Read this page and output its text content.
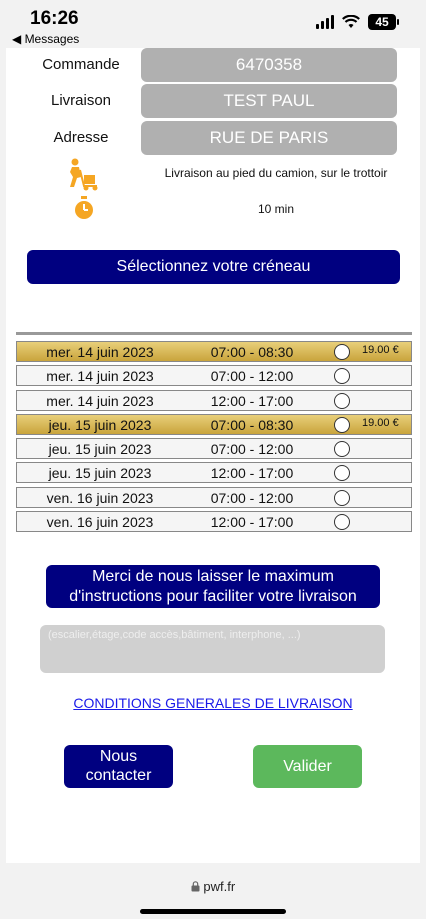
16:26
◀ Messages
45
Commande	6470358
Livraison	TEST PAUL
Adresse	RUE DE PARIS
Livraison au pied du camion, sur le trottoir
10 min
Sélectionnez votre créneau
mer. 14 juin 2023	07:00 - 08:30	19.00 €
mer. 14 juin 2023	07:00 - 12:00
mer. 14 juin 2023	12:00 - 17:00
jeu. 15 juin 2023	07:00 - 08:30	19.00 €
jeu. 15 juin 2023	07:00 - 12:00
jeu. 15 juin 2023	12:00 - 17:00
ven. 16 juin 2023	07:00 - 12:00
ven. 16 juin 2023	12:00 - 17:00
Merci de nous laisser le maximum
d'instructions pour faciliter votre livraison
(escalier,étage,code accès,bâtiment, interphone, ...)
CONDITIONS GENERALES DE LIVRAISON
Nous
contacter
Valider
pwf.fr
